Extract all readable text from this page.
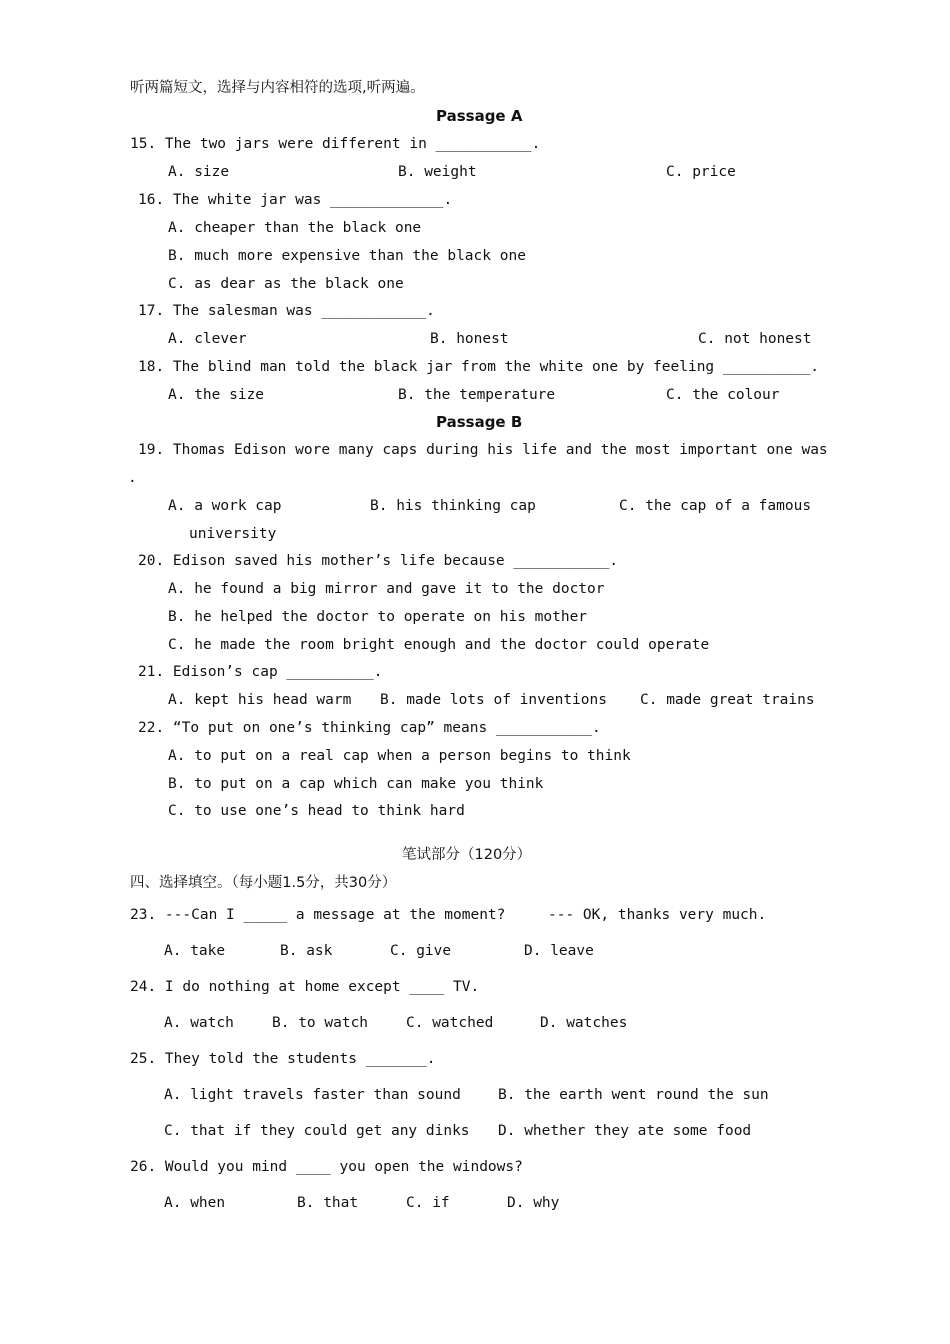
听两篇短文，选择与内容相符的选项,听两遍。
Passage A
15. The two jars were different in ___________.
A. size	B. weight	C. price
16. The white jar was _____________.
A. cheaper than the black one
B. much more expensive than the black one
C. as dear as the black one
17. The salesman was ____________.
A. clever	B. honest	C. not honest
18. The blind man told the black jar from the white one by feeling __________.
A. the size	B. the temperature	C. the colour
Passage B
19. Thomas Edison wore many caps during his life and the most important one was
.
A. a work cap	B. his thinking cap	C. the cap of a famous
university
20. Edison saved his mother’s life because ___________.
A. he found a big mirror and gave it to the doctor
B. he helped the doctor to operate on his mother
C. he made the room bright enough and the doctor could operate
21. Edison’s cap __________.
A. kept his head warm B. made lots of inventions C. made great trains
22. “To put on one’s thinking cap” means ___________.
A. to put on a real cap when a person begins to think
B. to put on a cap which can make you think
C. to use one’s head to think hard
笔试部分（120分）
四、选择填空。（每小题1.5分，共30分）
23. ---Can I _____ a message at the moment?	--- OK, thanks very much.
A. take	B. ask	C. give	D. leave
24. I do nothing at home except ____ TV.
A. watch	B. to watch	C. watched	D. watches
25. They told the students _______.
A. light travels faster than sound	B. the earth went round the sun
C. that if they could get any dinks D. whether they ate some food
26. Would you mind ____ you open the windows?
A. when	B. that	C. if	D. why
